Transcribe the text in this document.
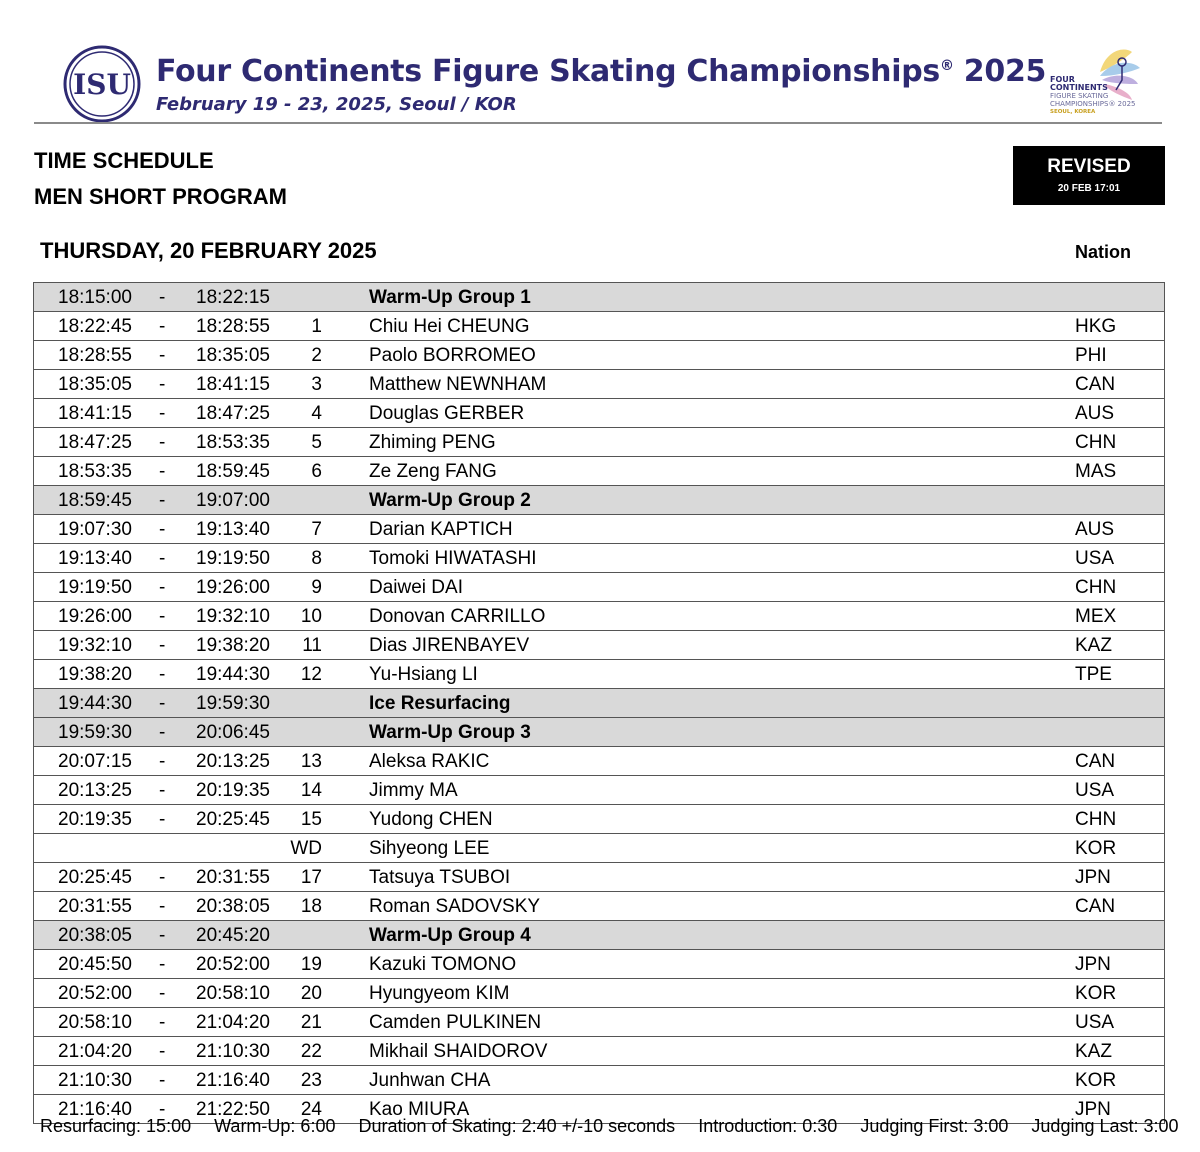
ISU Four Continents Figure Skating Championships® 2025
February 19 - 23, 2025, Seoul / KOR
FOUR
CONTINENTS
FIGURE SKATING
CHAMPIONSHIPS® 2025
SEOUL, KOREA
TIME SCHEDULE
MEN SHORT PROGRAM
REVISED
20 FEB 17:01
THURSDAY, 20 FEBRUARY 2025	Nation
18:15:00 - 18:22:15	Warm-Up Group 1
18:22:45 - 18:28:55 1 Chiu Hei CHEUNG	HKG
18:28:55 - 18:35:05 2 Paolo BORROMEO	PHI
18:35:05 - 18:41:15 3 Matthew NEWNHAM	CAN
18:41:15 - 18:47:25 4 Douglas GERBER	AUS
18:47:25 - 18:53:35 5 Zhiming PENG	CHN
18:53:35 - 18:59:45 6 Ze Zeng FANG	MAS
18:59:45 - 19:07:00	Warm-Up Group 2
19:07:30 - 19:13:40 7 Darian KAPTICH	AUS
19:13:40 - 19:19:50 8 Tomoki HIWATASHI	USA
19:19:50 - 19:26:00 9 Daiwei DAI	CHN
19:26:00 - 19:32:10 10 Donovan CARRILLO	MEX
19:32:10 - 19:38:20 11 Dias JIRENBAYEV	KAZ
19:38:20 - 19:44:30 12 Yu-Hsiang LI	TPE
19:44:30 - 19:59:30	Ice Resurfacing
19:59:30 - 20:06:45	Warm-Up Group 3
20:07:15 - 20:13:25 13 Aleksa RAKIC	CAN
20:13:25 - 20:19:35 14 Jimmy MA	USA
20:19:35 - 20:25:45 15 Yudong CHEN	CHN
WD Sihyeong LEE	KOR
20:25:45 - 20:31:55 17 Tatsuya TSUBOI	JPN
20:31:55 - 20:38:05 18 Roman SADOVSKY	CAN
20:38:05 - 20:45:20	Warm-Up Group 4
20:45:50 - 20:52:00 19 Kazuki TOMONO	JPN
20:52:00 - 20:58:10 20 Hyungyeom KIM	KOR
20:58:10 - 21:04:20 21 Camden PULKINEN	USA
21:04:20 - 21:10:30 22 Mikhail SHAIDOROV	KAZ
21:10:30 - 21:16:40 23 Junhwan CHA	KOR
21:16:40 - 21:22:50 24 Kao MIURA	JPN
Resurfacing: 15:00 Warm-Up: 6:00 Duration of Skating: 2:40 +/-10 seconds Introduction: 0:30 Judging First: 3:00 Judging Last: 3:00
